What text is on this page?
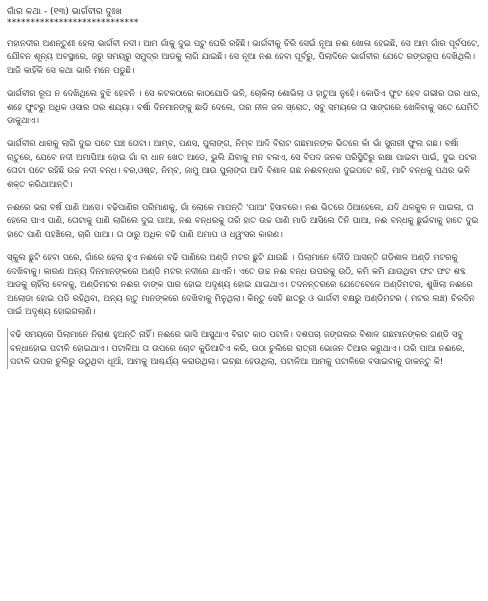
ଗାଁର କଥା - (୧୩) ଭାର୍ଗବୀର ଦୁଃଖ
****************************

ମହାନଦୀର ଅଣନ୍ତୁଣୀ ହେଲା ଭାର୍ଗବୀ ନଦୀ। ଆମ ଗାଁକୁ ଦୁଇ ପଟୁ ଘେରି ରହିଛି। ଭାର୍ଗବୀକୁ ଚିରି ସେଇଁ ନୂଆ ନଈ ଖୋଳା ହେଇଛି, ସେ ଆମ ଗାଁର ପୂର୍ବପଟେ, ଯୌବନ ଶୂନ୍ୟ ଅବସ୍ଥାରେ, ଜରୁ ସମୟରୁ ସମୁଦ୍ର ଆଡକୁ ଲାଗି ଯାଇଛି। ସେ ନୂଆ ନଈ ହେବା ପୂର୍ବରୁ, ପିଲାଦିନେ ଭାର୍ଗବୀର ଯେତେ ରଙ୍ଗରୂପ ଦେଖିଥିଲି। ଆଜି କାହିଁକି ସେ କଥା ଭାରି ମନେ ପଡୁଛି।

ଭାର୍ଗବୀର ରୂପ ନ ଦେଖିଥିଲେ ବୁଝି ହେବନି । ସେ କଟକଠାରେ କାଠଯୋଡି ଭଳି, ଚୋକିଲା ଶୋଭିଲା ଓ ହାତୁଆ ନୁହେଁ। କୋଡିଏ ଫୁଟ ହେବ ଗଭୀର ତାର ଧାର, ଶହେ ଫୁଟରୁ ଅଧିକ ଓସାର ତାର ଶଯ୍ୟା। ବର୍ଷା ଦିନମାନଙ୍କୁ ଛାଡି ଦେଲେ, ତାର ନୀଳ ଜଳ ସ୍ରୋତ, ସବୁ ସମୟରେ ତା ସାଙ୍ଗରେ ଖେଳିବାକୁ ସତେ ଯେମିତି ଡାକୁଥାଏ।

ଭାର୍ଗବୀର ଧାରକୁ ଲାଗି ଦୁଇ ପଟେ ଘଞ୍ଚ ତୋଟା। ଆମ୍ବ, ପଣସ, ପୁଲାଙ୍ଗ, ନିମ୍ବ ଆଦି ବିରାଟ ଗଛମାନଙ୍କ ଭିତରେ କାଁ ଭାଁ ସୁନାରୀ ଫୁଲ ଗଛ। ବର୍ଷା ଋତୁରେ, ଯେବେ ନଦୀ ଅମାପିଆ ହୋଇ ଗାଁ ବା ଧାନ ଖେତ ଆଡେ, ଭୁଲି ଯିବାକୁ ମନ ବଳାଏ, ସେ ବିପଦ ଜନକ ପରିସ୍ଥିତିରୁ ରକ୍ଷା ପାଇବା ପାଇଁ, ଦୁଇ ପଟର ତୋଟା ପଟେ ରହିଛି ଉଚ୍ଚ ନଦୀ ବନ୍ଧ। ବର,ଓଷ୍ଟ, ନିମ୍ବ, ଜାମୁ ଆଉ ପୁଲାଙ୍ଗ ଆଦି ବିଶାଳ ଗଛ ନଈବନ୍ଧର ଦୁଇପଟେ ରହି, ମାଟି ବନ୍ଧକୁ ପଥର ଭଳି ଶକ୍ତ କରିଥାଆନ୍ତି।

ନଈରେ ଭରା ବର୍ଷ ପାଣି ଆସେ। ବଢିପାଣିର ପରିମାଣକୁ, ଗାଁ ଲୋକେ ମାପନ୍ତି 'ପାଆ' ହିସାବରେ। ନଈ ଭିତରେ ଠିଆହେଲେ, ଯଦି ଥଳକୁଳ ନ ପାଇଲା, ତା ହେଲେ ପାଏ ପାଣି, ତୋଟାକୁ ପାଣି ଲାଗିଲେ ଦୁଇ ପାଆ, ନଈ ବନ୍ଧରକୁ ତାରି ହାତ ଉଚ୍ଚ ପାଣି ମାଡି ଆସିଲେ ତିନି ପାଆ, ନଈ ବନ୍ଧକୁ ଛୁଇଁବାକୁ ହାତେ ଦୁଇ ହାତେ ପାଣି ପହଞ୍ଚିଲେ, ଚାରି ପାଆ। ତା ଠାରୁ ଅଧିକ ବଢି ପାଣି ଅମାପ ଓ ଧ୍ୱଂସର କାରଣ।

ସ୍କୁଲ ଛୁଟି ହେବା ପରେ, ଗାଁରେ ହେଲା ହୁଏ ନଈରେ ବଢି ପାଣିରେ ଅଣ୍ଡି ମଟର ଛୁଟି ଯାଉଛି । ପିଲାମାନେ ଦୌଡି ଆସନ୍ତି ଗଡିଶାଳ ଅଣ୍ଡି ମଟରକୁ ଦେଖିବାକୁ। କାରଣ ଅନ୍ୟ ଦିନମାନଙ୍କରେ ଅଣ୍ଡି ମଟର ନଦୀରେ ଯାଏନି। ଏତେ ଉଚ୍ଚ ନଈ ବନ୍ଧ ଉପରକୁ ଉଠି, କମି କମି ଯାଉଥିବା ଫଟ ଫଟ ଶବ୍ଦ ଆଡକୁ ଚାହିଁଲା ବେଳକୁ, ଅଣ୍ଡିମଟର ନଈର ବାଙ୍କ ପାର ହୋଇ ଅଦୃଶ୍ୟ ହୋଇ ଯାଇଥାଏ। ତଦନନ୍ତରରେ ଯେତେବେଳେ ଅଣ୍ଡିମଟର, ଶୁଖିଲା ନଈରେ ଅଲୋଡା ହୋଇ ପଡି ରହିଥିବା, ଅନ୍ୟ ଋତୁ ମାନଙ୍କରେ ଦେଖିବାକୁ ମିଳୁଥିଲା। କିନ୍ତୁ ସେହି ଛାତରୁ ଓ ଭାର୍ଗବୀ ବକ୍ଷରୁ ଅଣ୍ଡିମଟର ( ମଟର ଲଞ୍ଚ) ଚିରଦିନ ପାଇଁ ଅଦୃଶ୍ୟ ହୋଇଗଲାଣି।

ବଢି ସମୟରେ ପିଲାମାନେ ନିରାଶ ହୁଅନ୍ତି ନାହିଁ। ନଈରେ ଭାସି ଆସୁଥାଏ ବିରାଟ କାଠ ପଟାଳି। ଦଶପଚା ଜଙ୍ଗଲର ବିଶାଳ ଗଛମାନଙ୍କର ଗଣ୍ଡି ସବୁ ବନ୍ଧାହୋଇ ପଟାଳି ହୋଇଥାଏ। ପଟାଳିଆ ତା ଉପରେ ଚୋଟ କୁଡିଆଟିଏ କରି, ଉଠା ଚୁଲିରେ ରାତ୍ରୀ ଭୋଜନ ତିଆର କରୁଥାଏ। ତାରି ପାଆ ନଈରେ, ପଟାଳି ଉପର ଚୁଲିରୁ ଉଠୁଥିବା ଧୂଆଁ, ଆମକୁ ଆଶ୍ଚର୍ଯ୍ୟ କରାଉଥିଲା। ଇଚ୍ଛା ହେଉଥିଲା, ପଟାଳିଆ ଆମକୁ ପଟାଳିରେ ବସାଇବାକୁ ଡାକନ୍ତୁ କି!
